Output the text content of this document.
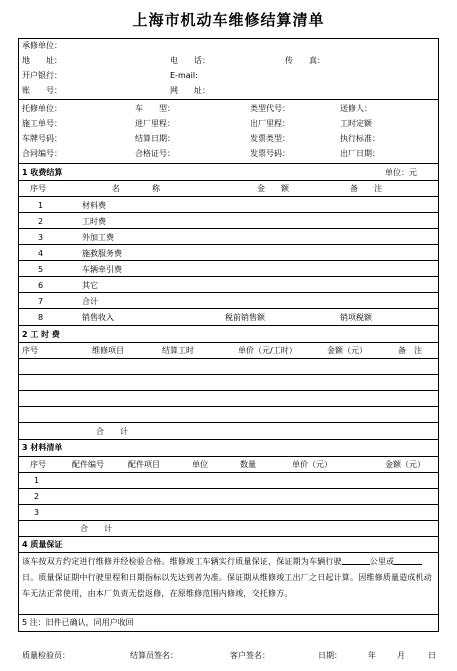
上海市机动车维修结算清单
承修单位：
地　　址：	电　　话：	传　　真：
开户银行：	E-mail:
账　　号：	网　　址：
托修单位：	车　　型：	类型代号：	送修人：
施工单号：	进厂里程：	出厂里程：	工时定额
车牌号码：	结算日期：	发票类型：	执行标准：
合同编号：	合格证号：	发票号码：	出厂日期：
1 收费结算	单位：元
序号	名　　　　称	金　　额	备　　注
1	材料费
2	工时费
3	外加工费
4	施救服务费
5	车辆牵引费
6	其它
7	合计
8	销售收入	税前销售额	销项税额
2 工 时 费
序号	维修项目	结算工时	单价（元/工时）	金额（元）	备　注
合　　计
3 材料清单
序号	配件编号	配件项目	单位	数量	单价（元）	金额（元）
1
2
3
合　　计
4 质量保证
该车按双方约定进行维修并经检验合格。维修竣工车辆实行质量保证，保证期为车辆行驶	公里或日。质量保证期中行驶里程和日期指标以先达到者为准。保证期从维修竣工出厂之日起计算。因维修质量造成机动车无法正常使用，由本厂负责无偿返修，在原维修范围内修竣，交托修方。
5 注：旧件已确认，同用户收回
质量检验员：	结算员签名：	客户签名：	日期：	年	月	日
